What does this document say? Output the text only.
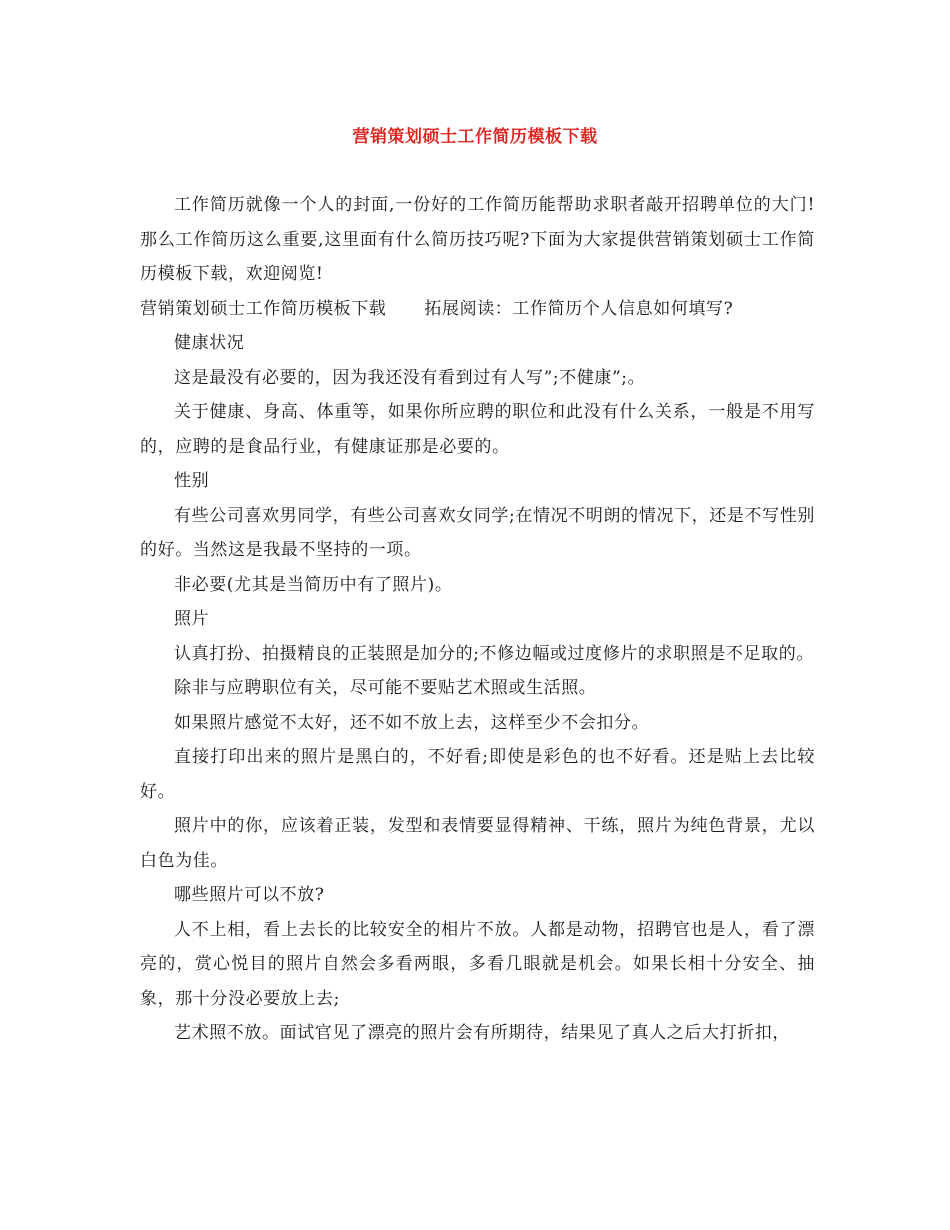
营销策划硕士工作简历模板下载

工作简历就像一个人的封面,一份好的工作简历能帮助求职者敲开招聘单位的大门!那么工作简历这么重要,这里面有什么简历技巧呢?下面为大家提供营销策划硕士工作简历模板下载，欢迎阅览!

营销策划硕士工作简历模板下载 拓展阅读：工作简历个人信息如何填写?

健康状况

这是最没有必要的，因为我还没有看到过有人写”;不健康”;。

关于健康、身高、体重等，如果你所应聘的职位和此没有什么关系，一般是不用写的，应聘的是食品行业，有健康证那是必要的。

性别

有些公司喜欢男同学，有些公司喜欢女同学;在情况不明朗的情况下，还是不写性别的好。当然这是我最不坚持的一项。

非必要(尤其是当简历中有了照片)。

照片

认真打扮、拍摄精良的正装照是加分的;不修边幅或过度修片的求职照是不足取的。

除非与应聘职位有关，尽可能不要贴艺术照或生活照。

如果照片感觉不太好，还不如不放上去，这样至少不会扣分。

直接打印出来的照片是黑白的，不好看;即使是彩色的也不好看。还是贴上去比较好。

照片中的你，应该着正装，发型和表情要显得精神、干练，照片为纯色背景，尤以白色为佳。

哪些照片可以不放?

人不上相，看上去长的比较安全的相片不放。人都是动物，招聘官也是人，看了漂亮的，赏心悦目的照片自然会多看两眼，多看几眼就是机会。如果长相十分安全、抽象，那十分没必要放上去;

艺术照不放。面试官见了漂亮的照片会有所期待，结果见了真人之后大打折扣，
